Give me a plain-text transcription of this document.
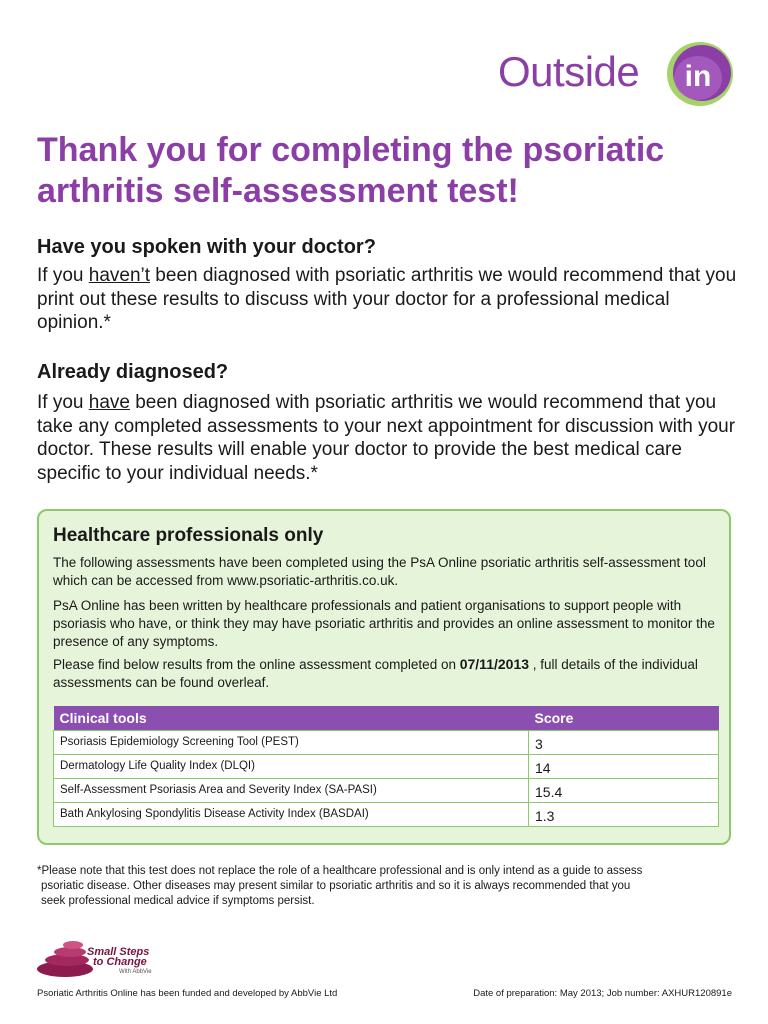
Outside in
Thank you for completing the psoriatic arthritis self-assessment test!
Have you spoken with your doctor?

If you haven’t been diagnosed with psoriatic arthritis we would recommend that you print out these results to discuss with your doctor for a professional medical opinion.*

Already diagnosed?

If you have been diagnosed with psoriatic arthritis we would recommend that you take any completed assessments to your next appointment for discussion with your doctor. These results will enable your doctor to provide the best medical care specific to your individual needs.*

Healthcare professionals only

The following assessments have been completed using the PsA Online psoriatic arthritis self-assessment tool which can be accessed from www.psoriatic-arthritis.co.uk.

PsA Online has been written by healthcare professionals and patient organisations to support people with psoriasis who have, or think they may have psoriatic arthritis and provides an online assessment to monitor the presence of any symptoms.

Please find below results from the online assessment completed on 07/11/2013 , full details of the individual assessments can be found overleaf.

Clinical tools	Score
Psoriasis Epidemiology Screening Tool (PEST)	3
Dermatology Life Quality Index (DLQI)	14
Self-Assessment Psoriasis Area and Severity Index (SA-PASI)	15.4
Bath Ankylosing Spondylitis Disease Activity Index (BASDAI)	1.3
*Please note that this test does not replace the role of a healthcare professional and is only intend as a guide to assess
psoriatic disease. Other diseases may present similar to psoriatic arthritis and so it is always recommended that you
seek professional medical advice if symptoms persist.
Small Steps
to Change
With AbbVie
Psoriatic Arthritis Online has been funded and developed by AbbVie Ltd	Date of preparation: May 2013; Job number: AXHUR120891e
